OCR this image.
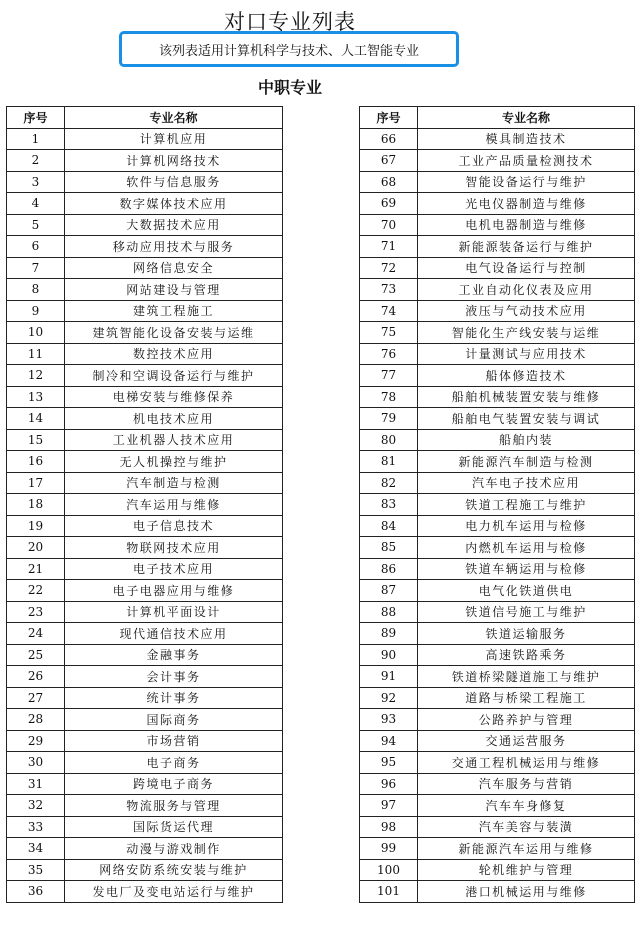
对口专业列表
该列表适用计算机科学与技术、人工智能专业
中职专业
序号	专业名称
1	计算机应用
2	计算机网络技术
3	软件与信息服务
4	数字媒体技术应用
5	大数据技术应用
6	移动应用技术与服务
7	网络信息安全
8	网站建设与管理
9	建筑工程施工
10	建筑智能化设备安装与运维
11	数控技术应用
12	制冷和空调设备运行与维护
13	电梯安装与维修保养
14	机电技术应用
15	工业机器人技术应用
16	无人机操控与维护
17	汽车制造与检测
18	汽车运用与维修
19	电子信息技术
20	物联网技术应用
21	电子技术应用
22	电子电器应用与维修
23	计算机平面设计
24	现代通信技术应用
25	金融事务
26	会计事务
27	统计事务
28	国际商务
29	市场营销
30	电子商务
31	跨境电子商务
32	物流服务与管理
33	国际货运代理
34	动漫与游戏制作
35	网络安防系统安装与维护
36	发电厂及变电站运行与维护
序号	专业名称
66	模具制造技术
67	工业产品质量检测技术
68	智能设备运行与维护
69	光电仪器制造与维修
70	电机电器制造与维修
71	新能源装备运行与维护
72	电气设备运行与控制
73	工业自动化仪表及应用
74	液压与气动技术应用
75	智能化生产线安装与运维
76	计量测试与应用技术
77	船体修造技术
78	船舶机械装置安装与维修
79	船舶电气装置安装与调试
80	船舶内装
81	新能源汽车制造与检测
82	汽车电子技术应用
83	铁道工程施工与维护
84	电力机车运用与检修
85	内燃机车运用与检修
86	铁道车辆运用与检修
87	电气化铁道供电
88	铁道信号施工与维护
89	铁道运输服务
90	高速铁路乘务
91	铁道桥梁隧道施工与维护
92	道路与桥梁工程施工
93	公路养护与管理
94	交通运营服务
95	交通工程机械运用与维修
96	汽车服务与营销
97	汽车车身修复
98	汽车美容与装潢
99	新能源汽车运用与维修
100	轮机维护与管理
101	港口机械运用与维修
